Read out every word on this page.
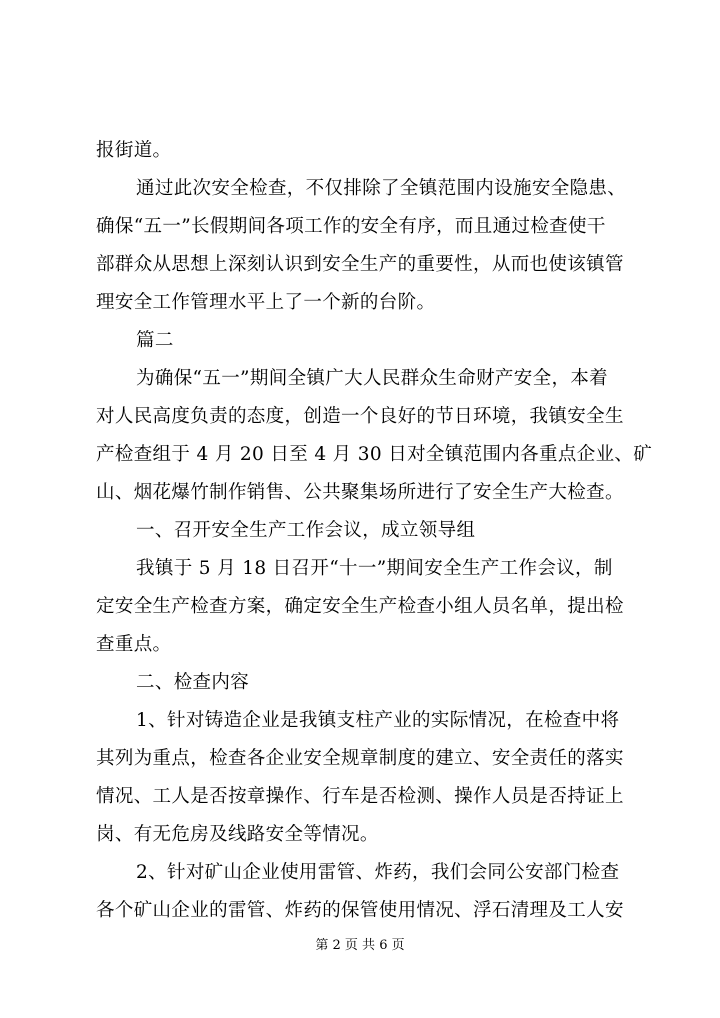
报街道。
通过此次安全检查，不仅排除了全镇范围内设施安全隐患、
确保“五一”长假期间各项工作的安全有序，而且通过检查使干
部群众从思想上深刻认识到安全生产的重要性，从而也使该镇管
理安全工作管理水平上了一个新的台阶。
篇二
为确保“五一”期间全镇广大人民群众生命财产安全，本着
对人民高度负责的态度，创造一个良好的节日环境，我镇安全生
产检查组于 4 月 20 日至 4 月 30 日对全镇范围内各重点企业、矿
山、烟花爆竹制作销售、公共聚集场所进行了安全生产大检查。
一、召开安全生产工作会议，成立领导组
我镇于 5 月 18 日召开“十一”期间安全生产工作会议，制
定安全生产检查方案，确定安全生产检查小组人员名单，提出检
查重点。
二、检查内容
1、针对铸造企业是我镇支柱产业的实际情况，在检查中将
其列为重点，检查各企业安全规章制度的建立、安全责任的落实
情况、工人是否按章操作、行车是否检测、操作人员是否持证上
岗、有无危房及线路安全等情况。
2、针对矿山企业使用雷管、炸药，我们会同公安部门检查
各个矿山企业的雷管、炸药的保管使用情况、浮石清理及工人安
第 2 页 共 6 页
